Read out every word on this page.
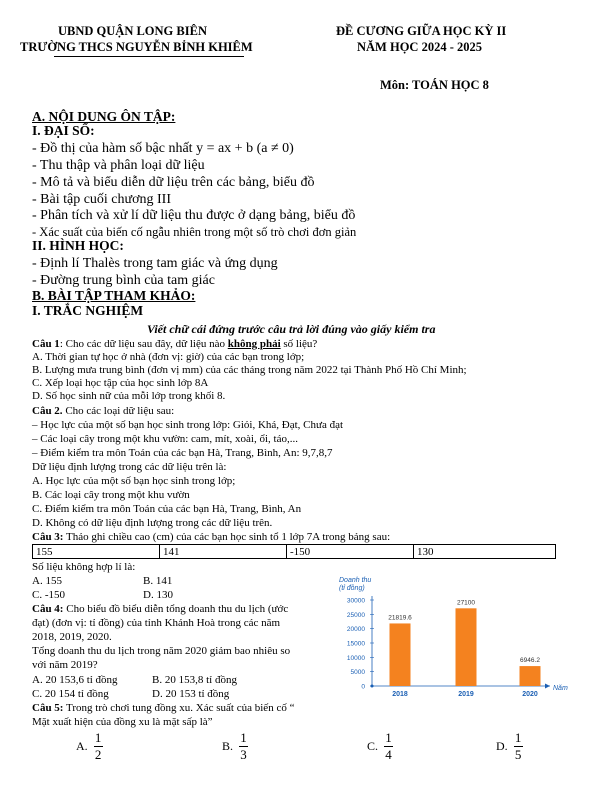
UBND QUẬN LONG BIÊN
TRƯỜNG THCS NGUYỄN BỈNH KHIÊM
ĐỀ CƯƠNG GIỮA HỌC KỲ II
NĂM HỌC 2024 - 2025
Môn: TOÁN HỌC 8
A. NỘI DUNG ÔN TẬP:
I. ĐẠI SỐ:
- Đồ thị của hàm số bậc nhất y = ax + b (a ≠ 0)
- Thu thập và phân loại dữ liệu
- Mô tả và biểu diễn dữ liệu trên các bảng, biểu đồ
- Bài tập cuối chương III
- Phân tích và xử lí dữ liệu thu được ở dạng bảng, biểu đồ
- Xác suất của biến cố ngẫu nhiên trong một số trò chơi đơn giản
II. HÌNH HỌC:
- Định lí Thalès trong tam giác và ứng dụng
- Đường trung bình của tam giác
B. BÀI TẬP THAM KHẢO:
I. TRẮC NGHIỆM
Viết chữ cái đứng trước câu trả lời đúng vào giấy kiểm tra
Câu 1: Cho các dữ liệu sau đây, dữ liệu nào không phải số liệu?
A. Thời gian tự học ở nhà (đơn vị: giờ) của các bạn trong lớp;
B. Lượng mưa trung bình (đơn vị mm) của các tháng trong năm 2022 tại Thành Phố Hồ Chí Minh;
C. Xếp loại học tập của học sinh lớp 8A
D. Số học sinh nữ của mỗi lớp trong khối 8.
Câu 2. Cho các loại dữ liệu sau:
– Học lực của một số bạn học sinh trong lớp: Giỏi, Khá, Đạt, Chưa đạt
– Các loại cây trong một khu vườn: cam, mít, xoài, ổi, táo,...
– Điểm kiểm tra môn Toán của các bạn Hà, Trang, Bình, An: 9,7,8,7
Dữ liệu định lượng trong các dữ liệu trên là:
A. Học lực của một số bạn học sinh trong lớp;
B. Các loại cây trong một khu vườn
C. Điểm kiểm tra môn Toán của các bạn Hà, Trang, Bình, An
D. Không có dữ liệu định lượng trong các dữ liệu trên.
Câu 3: Thảo ghi chiều cao (cm) của các bạn học sinh tổ 1 lớp 7A trong bảng sau:
155	141	-150	130
Số liệu không hợp lí là:
A. 155	B. 141
C. -150	D. 130
Câu 4: Cho biểu đồ biểu diễn tổng doanh thu du lịch (ước
đạt) (đơn vị: tỉ đồng) của tỉnh Khánh Hoà trong các năm
2018, 2019, 2020.
Tổng doanh thu du lịch trong năm 2020 giảm bao nhiêu so
với năm 2019?
A. 20 153,6 tỉ đồng	B. 20 153,8 tỉ đồng
C. 20 154 tỉ đồng	D. 20 153 tỉ đồng
Câu 5: Trong trò chơi tung đồng xu. Xác suất của biến cố “
Mặt xuất hiện của đồng xu là mặt sấp là”
A.
1
2
B.
1
3
C.
1
4
D.
1
5
Doanh thu
(tỉ đồng)
0
5000
10000
15000
20000
25000
30000
Năm
21819.6
2018
27100
2019
6946.2
2020
